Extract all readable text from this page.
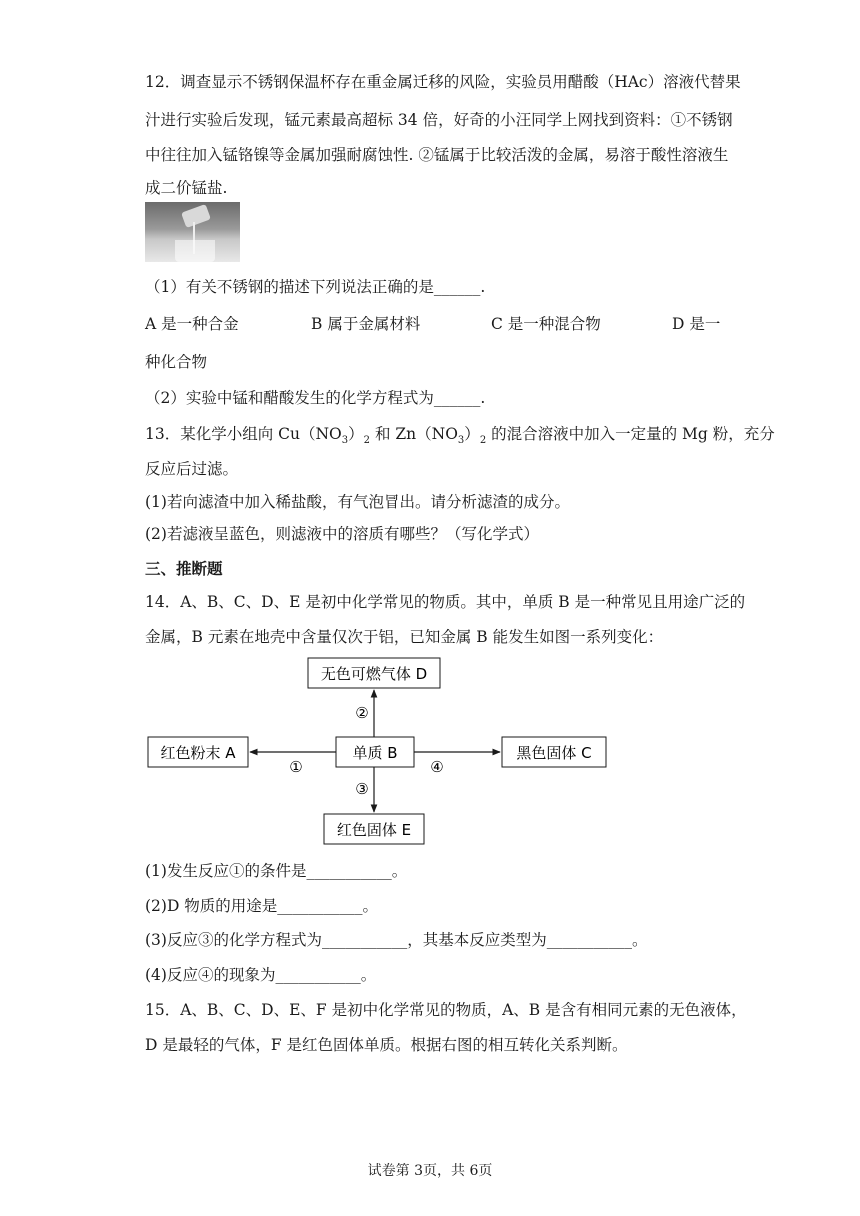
12．调查显示不锈钢保温杯存在重金属迁移的风险，实验员用醋酸（HAc）溶液代替果
汁进行实验后发现，锰元素最高超标 34 倍，好奇的小汪同学上网找到资料：①不锈钢
中往往加入锰铬镍等金属加强耐腐蚀性. ②锰属于比较活泼的金属，易溶于酸性溶液生
成二价锰盐.
（1）有关不锈钢的描述下列说法正确的是______.
A 是一种合金	B 属于金属材料	C 是一种混合物	D 是一
种化合物
（2）实验中锰和醋酸发生的化学方程式为______.
13．某化学小组向 $Cu(NO_3)_2$ 和 $Zn(NO_3)_2$ 的混合溶液中加入一定量的 Mg 粉，充分
反应后过滤。
(1)若向滤渣中加入稀盐酸，有气泡冒出。请分析滤渣的成分。
(2)若滤液呈蓝色，则滤液中的溶质有哪些？（写化学式）
三、推断题
14．A、B、C、D、E 是初中化学常见的物质。其中，单质 B 是一种常见且用途广泛的
金属，B 元素在地壳中含量仅次于铝，已知金属 B 能发生如图一系列变化：
无色可燃气体 D
单质 B
红色粉末 A	黑色固体 C
红色固体 E
②
①	④
③
(1)发生反应①的条件是___________。
(2)D 物质的用途是___________。
(3)反应③的化学方程式为___________，其基本反应类型为___________。
(4)反应④的现象为___________。
15．A、B、C、D、E、F 是初中化学常见的物质，A、B 是含有相同元素的无色液体，
D 是最轻的气体，F 是红色固体单质。根据右图的相互转化关系判断。
试卷第 3页，共 6页
